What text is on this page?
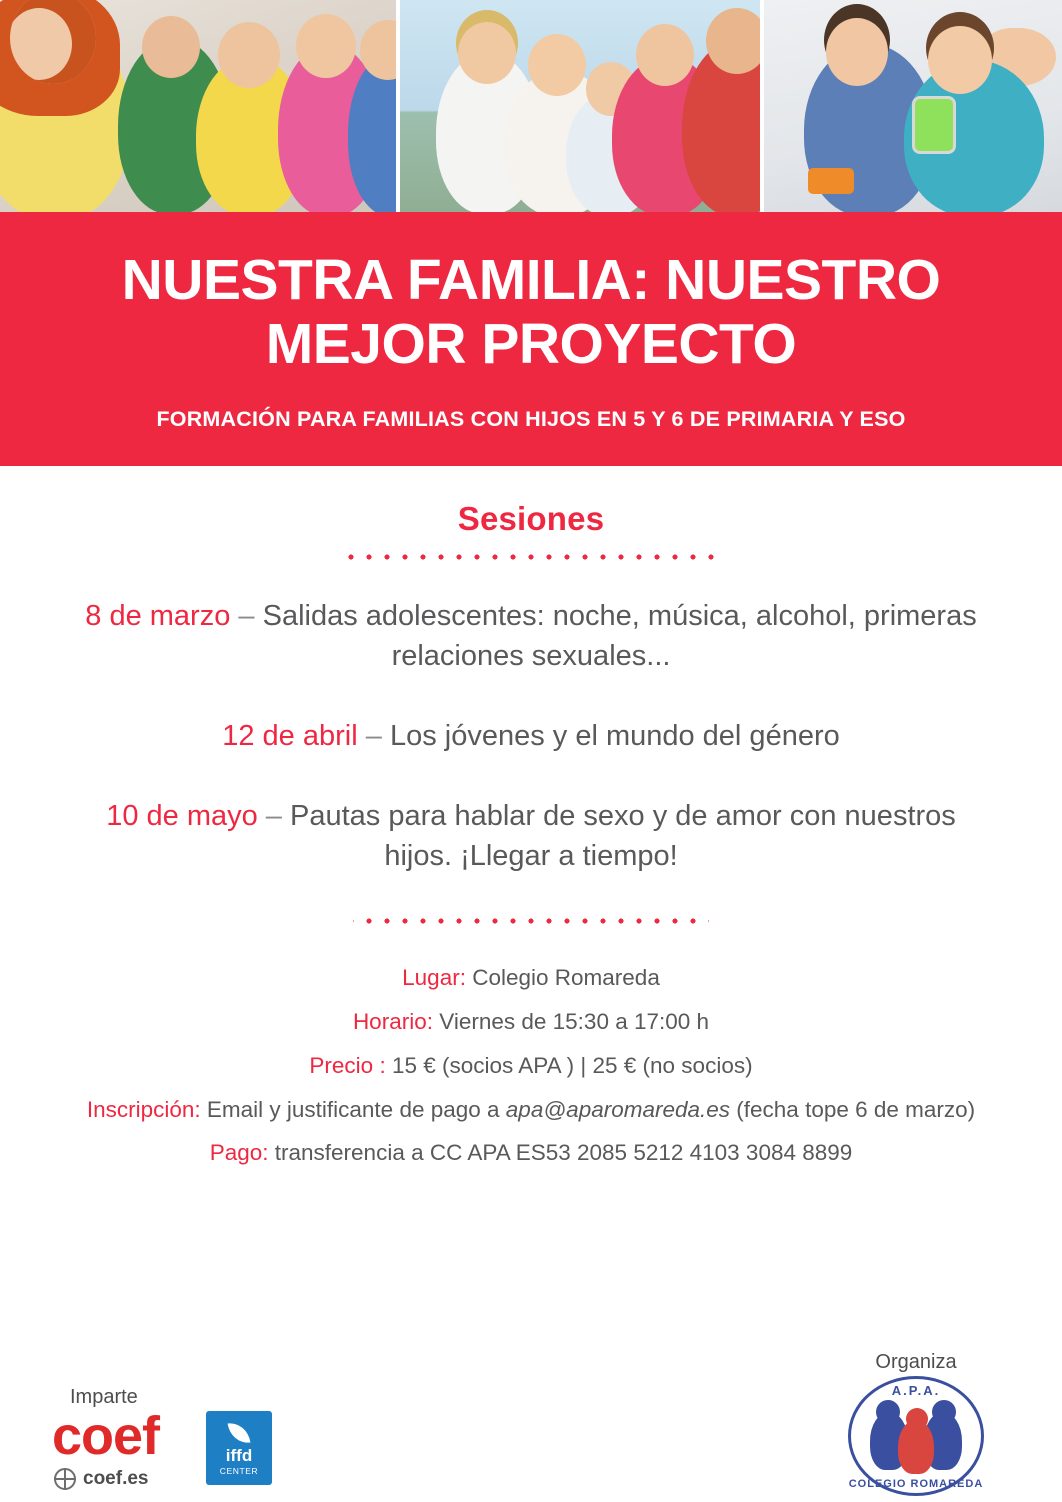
NUESTRA FAMILIA: NUESTRO
MEJOR PROYECTO
FORMACIÓN PARA FAMILIAS CON HIJOS EN 5 Y 6 DE PRIMARIA Y ESO
Sesiones
8 de marzo – Salidas adolescentes: noche, música, alcohol, primeras relaciones sexuales...
12 de abril – Los jóvenes y el mundo del género
10 de mayo – Pautas para hablar de sexo y de amor con nuestros hijos. ¡Llegar a tiempo!
Lugar: Colegio Romareda
Horario: Viernes de 15:30 a 17:00 h
Precio : 15 € (socios APA ) | 25 € (no socios)
Inscripción: Email y justificante de pago a apa@aparomareda.es (fecha tope 6 de marzo)
Pago: transferencia a CC APA ES53 2085 5212 4103 3084 8899
Imparte
coef
coef.es
iffd
CENTER
Organiza
A.P.A.
COLEGIO ROMAREDA
